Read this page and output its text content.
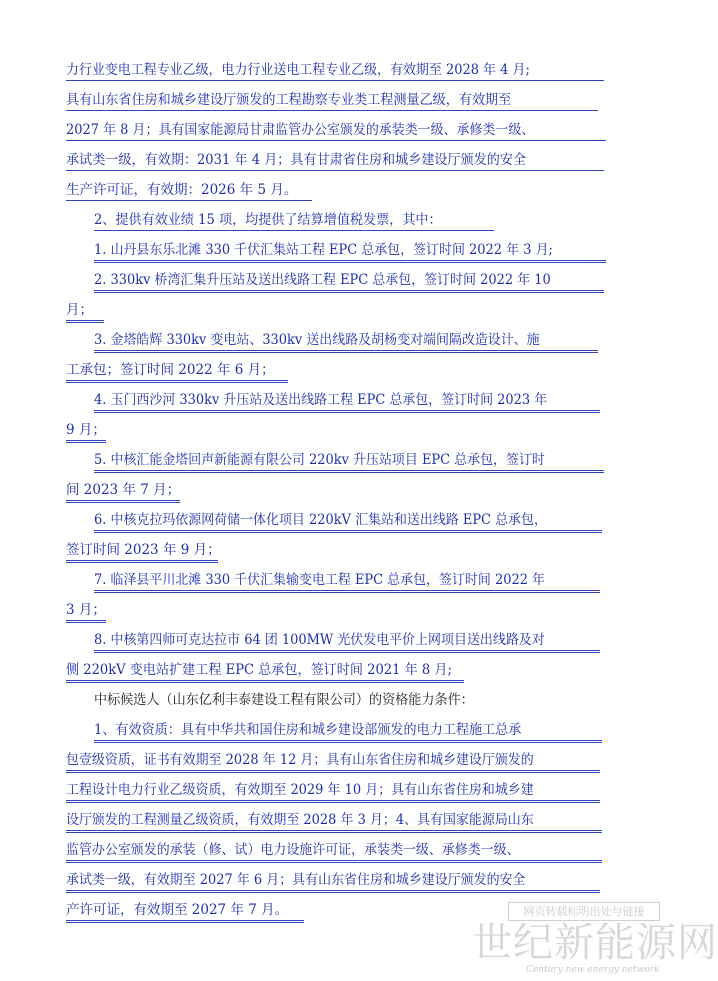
力行业变电工程专业乙级，电力行业送电工程专业乙级，有效期至 2028 年 4 月;
具有山东省住房和城乡建设厅颁发的工程勘察专业类工程测量乙级，有效期至
2027 年 8 月；具有国家能源局甘肃监管办公室颁发的承装类一级、承修类一级、
承试类一级，有效期：2031 年 4 月；具有甘肃省住房和城乡建设厅颁发的安全
生产许可证，有效期：2026 年 5 月。
2、提供有效业绩 15 项，均提供了结算增值税发票，其中：
1. 山丹县东乐北滩 330 千伏汇集站工程 EPC 总承包，签订时间 2022 年 3 月;
2. 330kv 桥湾汇集升压站及送出线路工程 EPC 总承包，签订时间 2022 年 10
月；
3. 金塔皓辉 330kv 变电站、330kv 送出线路及胡杨变对端间隔改造设计、施
工承包；签订时间 2022 年 6 月；
4. 玉门西沙河 330kv 升压站及送出线路工程 EPC 总承包，签订时间 2023 年
9 月；
5. 中核汇能金塔回声新能源有限公司 220kv 升压站项目 EPC 总承包，签订时
间 2023 年 7 月；
6. 中核克拉玛依源网荷储一体化项目 220kV 汇集站和送出线路 EPC 总承包，
签订时间 2023 年 9 月；
7. 临泽县平川北滩 330 千伏汇集输变电工程 EPC 总承包，签订时间 2022 年
3 月；
8. 中核第四师可克达拉市 64 团 100MW 光伏发电平价上网项目送出线路及对
侧 220kV 变电站扩建工程 EPC 总承包，签订时间 2021 年 8 月;
中标候选人（山东亿利丰泰建设工程有限公司）的资格能力条件：
1、有效资质：具有中华共和国住房和城乡建设部颁发的电力工程施工总承
包壹级资质，证书有效期至 2028 年 12 月；具有山东省住房和城乡建设厅颁发的
工程设计电力行业乙级资质，有效期至 2029 年 10 月；具有山东省住房和城乡建
设厅颁发的工程测量乙级资质，有效期至 2028 年 3 月；4、具有国家能源局山东
监管办公室颁发的承装（修、试）电力设施许可证，承装类一级、承修类一级、
承试类一级，有效期至 2027 年 6 月；具有山东省住房和城乡建设厅颁发的安全
产许可证，有效期至 2027 年 7 月。	网页转载标明出处与链接
世纪新能源网
Century new energy network
